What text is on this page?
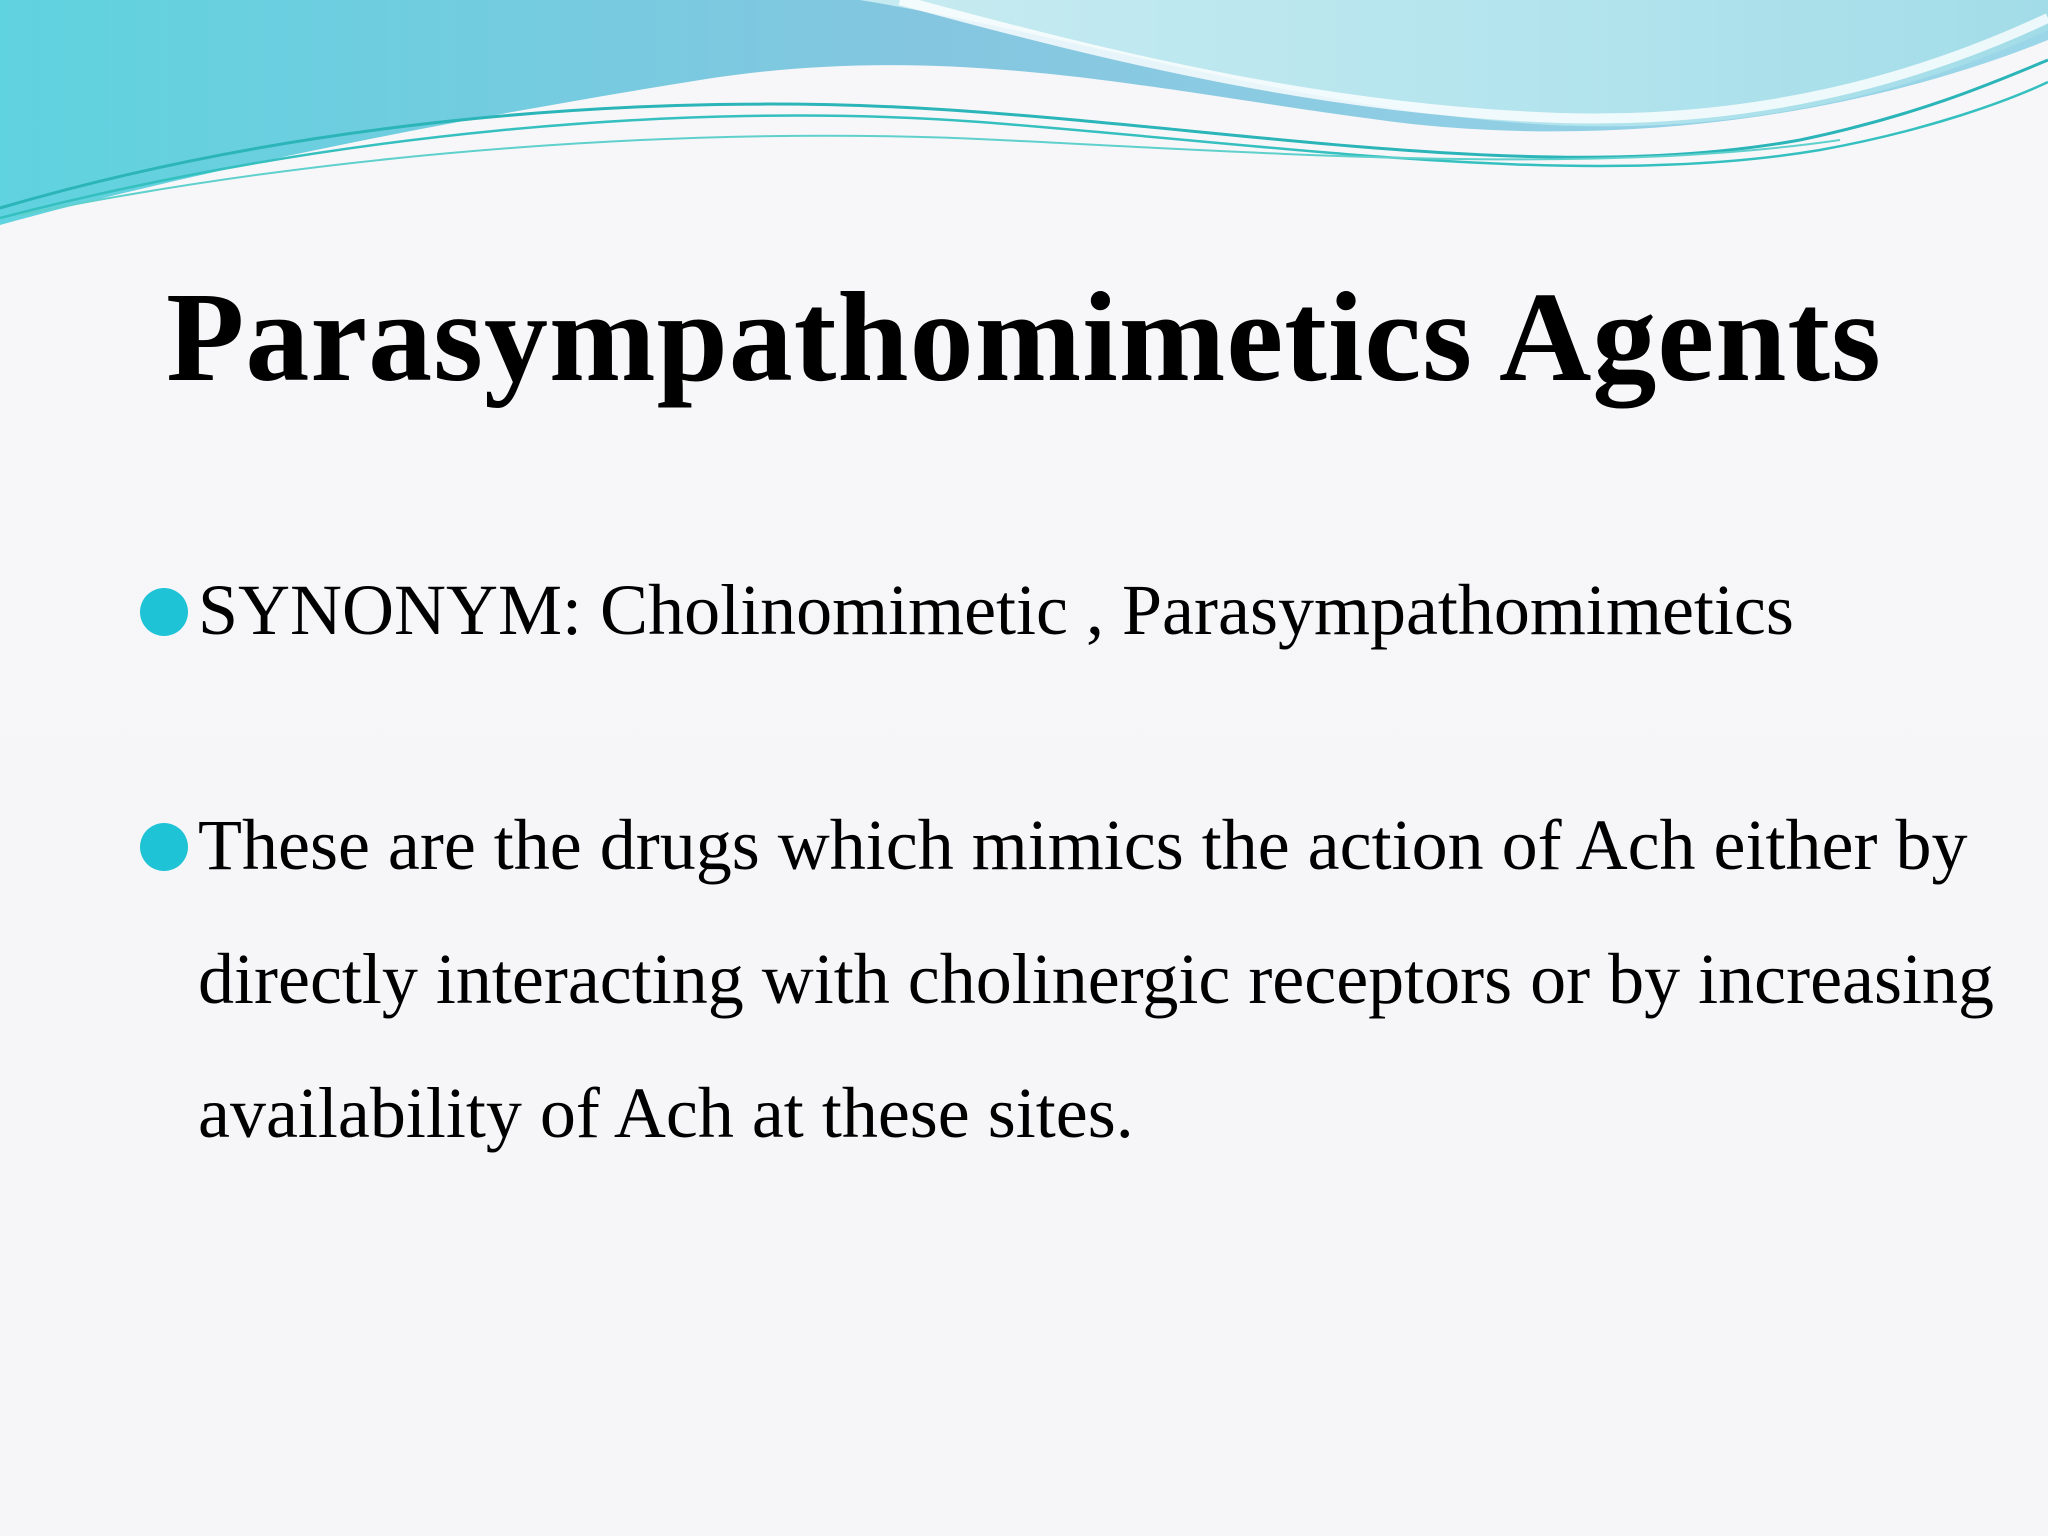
Parasympathomimetics Agents
SYNONYM: Cholinomimetic , Parasympathomimetics
These are the drugs which mimics the action of Ach either by directly interacting with cholinergic receptors or by increasing availability of Ach at these sites.
